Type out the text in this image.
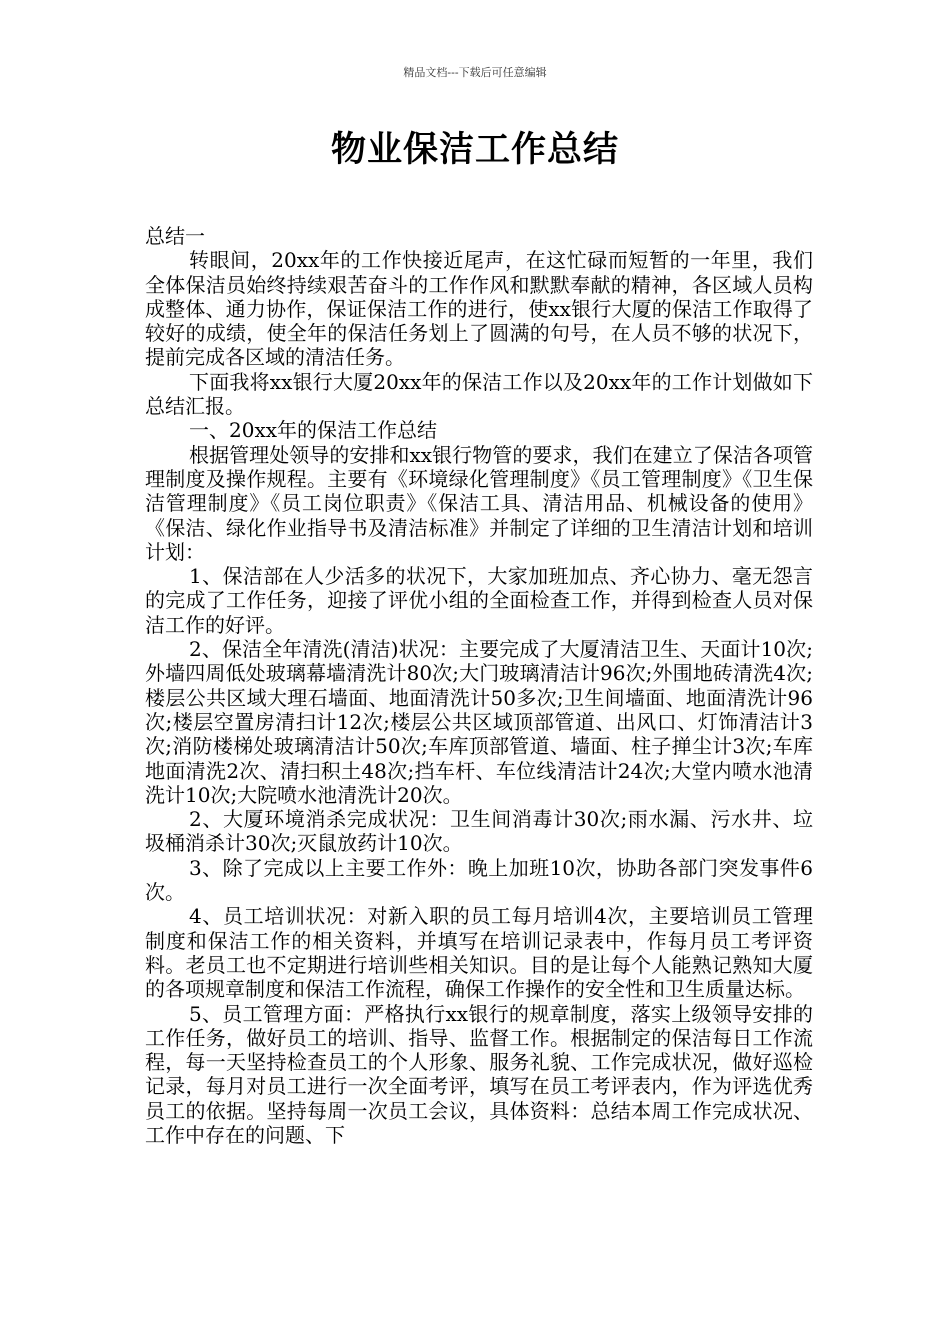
精品文档---下载后可任意编辑
物业保洁工作总结

总结一

转眼间，20xx年的工作快接近尾声，在这忙碌而短暂的一年里，我们全体保洁员始终持续艰苦奋斗的工作作风和默默奉献的精神，各区域人员构成整体、通力协作，保证保洁工作的进行，使xx银行大厦的保洁工作取得了较好的成绩，使全年的保洁任务划上了圆满的句号，在人员不够的状况下，提前完成各区域的清洁任务。

下面我将xx银行大厦20xx年的保洁工作以及20xx年的工作计划做如下总结汇报。

一、20xx年的保洁工作总结

根据管理处领导的安排和xx银行物管的要求，我们在建立了保洁各项管理制度及操作规程。主要有《环境绿化管理制度》《员工管理制度》《卫生保洁管理制度》《员工岗位职责》《保洁工具、清洁用品、机械设备的使用》《保洁、绿化作业指导书及清洁标准》并制定了详细的卫生清洁计划和培训计划：

1、保洁部在人少活多的状况下，大家加班加点、齐心协力、毫无怨言的完成了工作任务，迎接了评优小组的全面检查工作，并得到检查人员对保洁工作的好评。

2、保洁全年清洗(清洁)状况：主要完成了大厦清洁卫生、天面计10次;外墙四周低处玻璃幕墙清洗计80次;大门玻璃清洁计96次;外围地砖清洗4次;楼层公共区域大理石墙面、地面清洗计50多次;卫生间墙面、地面清洗计96次;楼层空置房清扫计12次;楼层公共区域顶部管道、出风口、灯饰清洁计3次;消防楼梯处玻璃清洁计50次;车库顶部管道、墙面、柱子掸尘计3次;车库地面清洗2次、清扫积土48次;挡车杆、车位线清洁计24次;大堂内喷水池清洗计10次;大院喷水池清洗计20次。

2、大厦环境消杀完成状况：卫生间消毒计30次;雨水漏、污水井、垃圾桶消杀计30次;灭鼠放药计10次。

3、除了完成以上主要工作外：晚上加班10次，协助各部门突发事件6次。

4、员工培训状况：对新入职的员工每月培训4次，主要培训员工管理制度和保洁工作的相关资料，并填写在培训记录表中，作每月员工考评资料。老员工也不定期进行培训些相关知识。目的是让每个人能熟记熟知大厦的各项规章制度和保洁工作流程，确保工作操作的安全性和卫生质量达标。

5、员工管理方面：严格执行xx银行的规章制度，落实上级领导安排的工作任务，做好员工的培训、指导、监督工作。根据制定的保洁每日工作流程，每一天坚持检查员工的个人形象、服务礼貌、工作完成状况，做好巡检记录，每月对员工进行一次全面考评，填写在员工考评表内，作为评选优秀员工的依据。坚持每周一次员工会议，具体资料：总结本周工作完成状况、工作中存在的问题、下
